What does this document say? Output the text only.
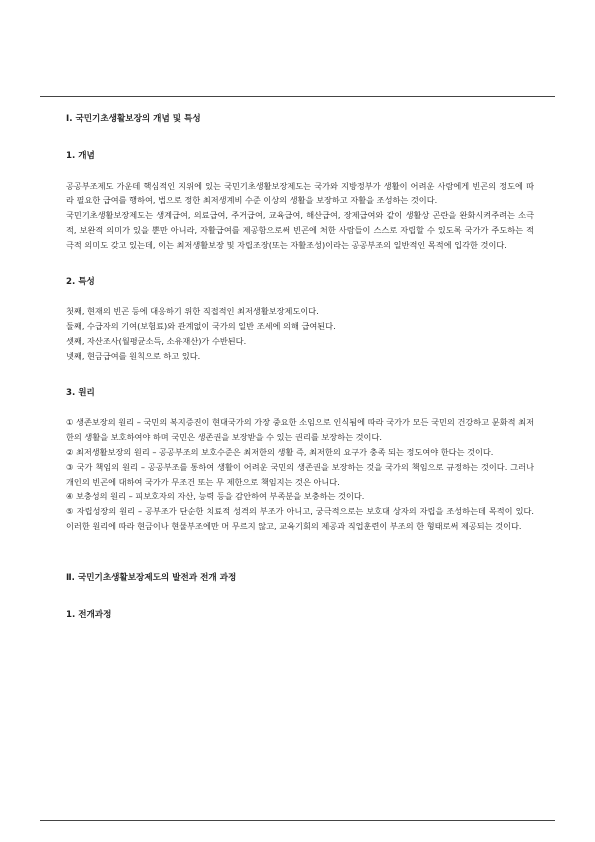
Ⅰ. 국민기초생활보장의 개념 및 특성
1. 개념

공공부조제도 가운데 핵심적인 지위에 있는 국민기초생활보장제도는 국가와 지방정부가 생활이 어려운 사람에게 빈곤의 정도에 따라 필요한 급여를 행하여, 법으로 정한 최저생계비 수준 이상의 생활을 보장하고 자활을 조성하는 것이다.

국민기초생활보장제도는 생계급여, 의료급여, 주거급여, 교육급여, 해산급여, 장제급여와 같이 생활상 곤란을 완화시켜주려는 소극적, 보완적 의미가 있을 뿐만 아니라, 자활급여를 제공함으로써 빈곤에 처한 사람들이 스스로 자립할 수 있도록 국가가 주도하는 적극적 의미도 갖고 있는데, 이는 최저생활보장 및 자립조장(또는 자활조성)이라는 공공부조의 일반적인 목적에 입각한 것이다.

2. 특성

첫째, 현재의 빈곤 등에 대응하기 위한 직접적인 최저생활보장제도이다.

둘째, 수급자의 기여(보험료)와 관계없이 국가의 일반 조세에 의해 급여된다.

셋째, 자산조사(월평균소득, 소유재산)가 수반된다.

넷째, 현금급여를 원칙으로 하고 있다.

3. 원리

① 생존보장의 원리 – 국민의 복지증진이 현대국가의 가장 중요한 소임으로 인식됨에 따라 국가가 모든 국민의 건강하고 문화적 최저한의 생활을 보호하여야 하며 국민은 생존권을 보장받을 수 있는 권리를 보장하는 것이다.

② 최저생활보장의 원리 – 공공부조의 보호수준은 최저한의 생활 즉, 최저한의 요구가 충족 되는 정도여야 한다는 것이다.

③ 국가 책임의 원리 – 공공부조를 통하여 생활이 어려운 국민의 생존권을 보장하는 것을 국가의 책임으로 규정하는 것이다. 그러나 개인의 빈곤에 대하여 국가가 무조건 또는 무 제한으로 책임지는 것은 아니다.

④ 보충성의 원리 – 피보호자의 자산, 능력 등을 감안하여 부족분을 보충하는 것이다.

⑤ 자립성장의 원리 – 공부조가 단순한 치료적 성격의 부조가 아니고, 궁극적으로는 보호대 상자의 자립을 조성하는데 목적이 있다. 이러한 원리에 따라 현금이나 현물부조에만 머 무르지 않고, 교육기회의 제공과 직업훈련이 부조의 한 형태로써 제공되는 것이다.

Ⅱ. 국민기초생활보장제도의 발전과 전개 과정
1. 전개과정
